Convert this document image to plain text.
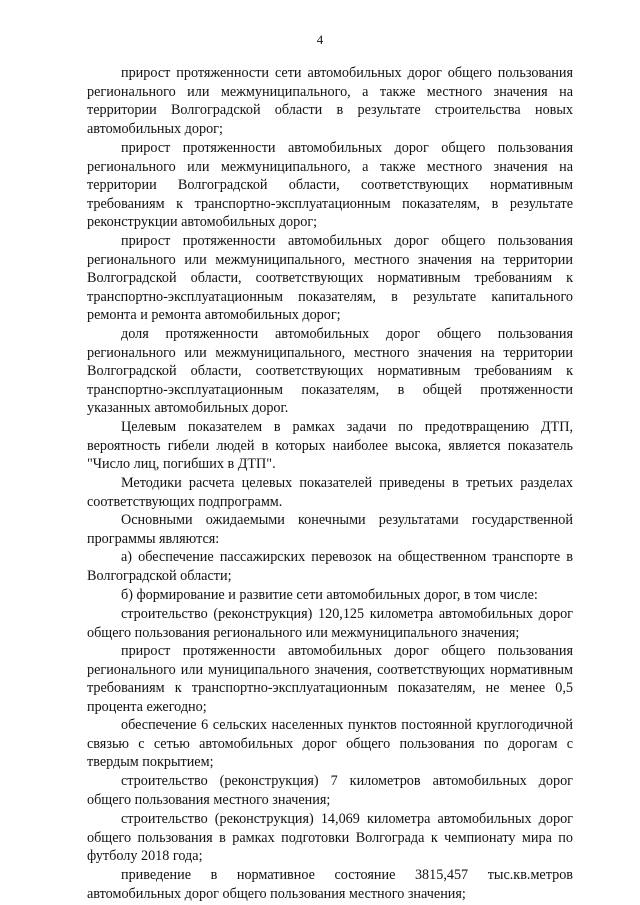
4
прирост протяженности сети автомобильных дорог общего пользования регионального или межмуниципального, а также местного значения на территории Волгоградской области в результате строительства новых автомобильных дорог;
прирост протяженности автомобильных дорог общего пользования регионального или межмуниципального, а также местного значения на территории Волгоградской области, соответствующих нормативным требованиям к транспортно-эксплуатационным показателям, в результате реконструкции автомобильных дорог;
прирост протяженности автомобильных дорог общего пользования регионального или межмуниципального, местного значения на территории Волгоградской области, соответствующих нормативным требованиям к транспортно-эксплуатационным показателям, в результате капитального ремонта и ремонта автомобильных дорог;
доля протяженности автомобильных дорог общего пользования регионального или межмуниципального, местного значения на территории Волгоградской области, соответствующих нормативным требованиям к транспортно-эксплуатационным показателям, в общей протяженности указанных автомобильных дорог.
Целевым показателем в рамках задачи по предотвращению ДТП, вероятность гибели людей в которых наиболее высока, является показатель "Число лиц, погибших в ДТП".
Методики расчета целевых показателей приведены в третьих разделах соответствующих подпрограмм.
Основными ожидаемыми конечными результатами государственной программы являются:
а) обеспечение пассажирских перевозок на общественном транспорте в Волгоградской области;
б) формирование и развитие сети автомобильных дорог, в том числе:
строительство (реконструкция) 120,125 километра автомобильных дорог общего пользования регионального или межмуниципального значения;
прирост протяженности автомобильных дорог общего пользования регионального или муниципального значения, соответствующих нормативным требованиям к транспортно-эксплуатационным показателям, не менее 0,5 процента ежегодно;
обеспечение 6 сельских населенных пунктов постоянной круглогодичной связью с сетью автомобильных дорог общего пользования по дорогам с твердым покрытием;
строительство (реконструкция) 7 километров автомобильных дорог общего пользования местного значения;
строительство (реконструкция) 14,069 километра автомобильных дорог общего пользования в рамках подготовки Волгограда к чемпионату мира по футболу 2018 года;
приведение в нормативное состояние 3815,457 тыс.кв.метров автомобильных дорог общего пользования местного значения;
